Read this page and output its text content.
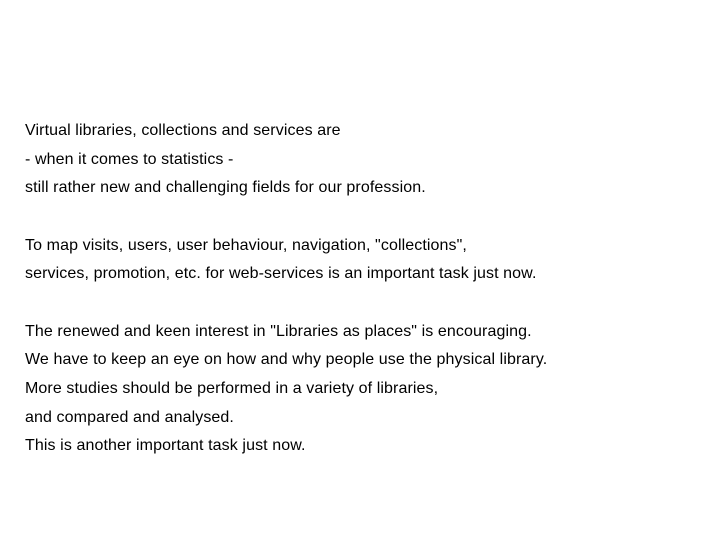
Virtual libraries, collections and services are
- when it comes to statistics -
still rather new and challenging fields for our profession.
To map visits, users, user behaviour, navigation, "collections",
services, promotion, etc. for web-services is an important task just now.
The renewed and keen interest in "Libraries as places" is encouraging.
We have to keep an eye on how and why people use the physical library.
More studies should be performed in a variety of libraries,
and compared and analysed.
This is another important task just now.
